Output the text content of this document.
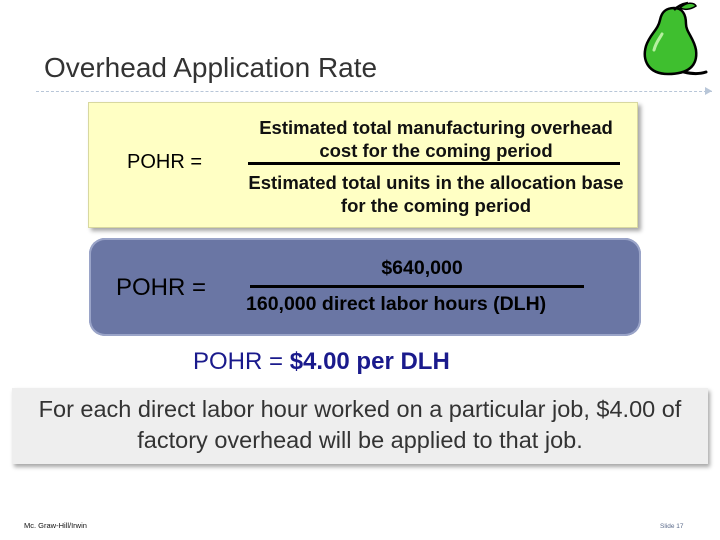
Overhead Application Rate
POHR =
Estimated total manufacturing overhead cost for the coming period
Estimated total units in the allocation base for the coming period
POHR =
$640,000
160,000 direct labor hours (DLH)
POHR = $4.00 per DLH
For each direct labor hour worked on a particular job, $4.00 of factory overhead will be applied to that job.
Mc. Graw-Hill/Irwin	Slide 17
